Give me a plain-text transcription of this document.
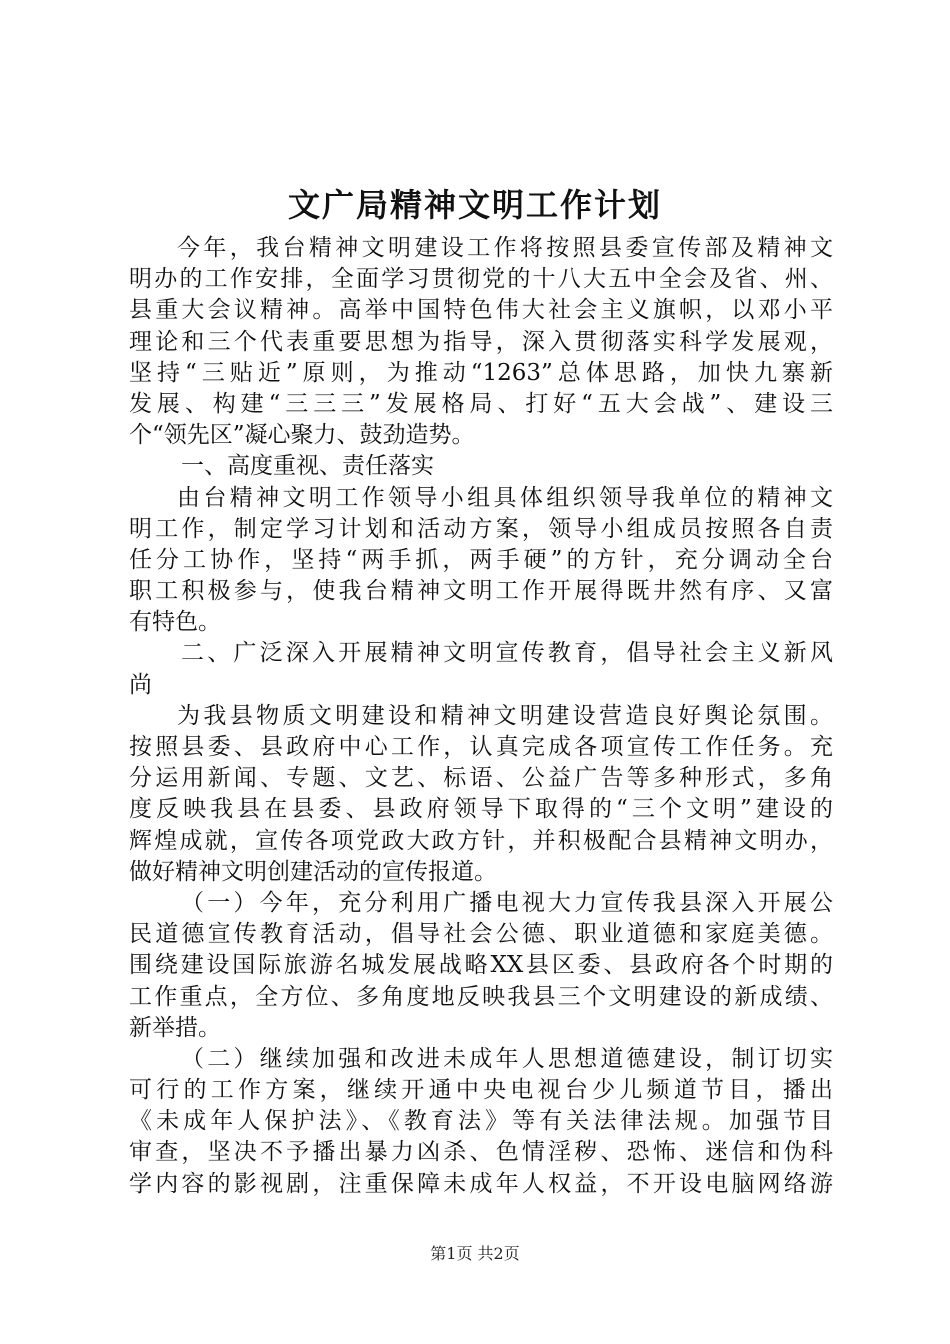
文广局精神文明工作计划
今年，我台精神文明建设工作将按照县委宣传部及精神文
明办的工作安排，全面学习贯彻党的十八大五中全会及省、州、
县重大会议精神。高举中国特色伟大社会主义旗帜，以邓小平
理论和三个代表重要思想为指导，深入贯彻落实科学发展观，
坚持“三贴近”原则，为推动“1263”总体思路，加快九寨新
发展、构建“三三三”发展格局、打好“五大会战”、建设三
个“领先区”凝心聚力、鼓劲造势。
一、高度重视、责任落实
由台精神文明工作领导小组具体组织领导我单位的精神文
明工作，制定学习计划和活动方案，领导小组成员按照各自责
任分工协作，坚持“两手抓，两手硬”的方针，充分调动全台
职工积极参与，使我台精神文明工作开展得既井然有序、又富
有特色。
二、广泛深入开展精神文明宣传教育，倡导社会主义新风
尚
为我县物质文明建设和精神文明建设营造良好舆论氛围。
按照县委、县政府中心工作，认真完成各项宣传工作任务。充
分运用新闻、专题、文艺、标语、公益广告等多种形式，多角
度反映我县在县委、县政府领导下取得的“三个文明”建设的
辉煌成就，宣传各项党政大政方针，并积极配合县精神文明办，
做好精神文明创建活动的宣传报道。
（一）今年，充分利用广播电视大力宣传我县深入开展公
民道德宣传教育活动，倡导社会公德、职业道德和家庭美德。
围绕建设国际旅游名城发展战略XX县区委、县政府各个时期的
工作重点，全方位、多角度地反映我县三个文明建设的新成绩、
新举措。
（二）继续加强和改进未成年人思想道德建设，制订切实
可行的工作方案，继续开通中央电视台少儿频道节目，播出
《未成年人保护法》、《教育法》等有关法律法规。加强节目
审查，坚决不予播出暴力凶杀、色情淫秽、恐怖、迷信和伪科
学内容的影视剧，注重保障未成年人权益，不开设电脑网络游
第1页 共2页
